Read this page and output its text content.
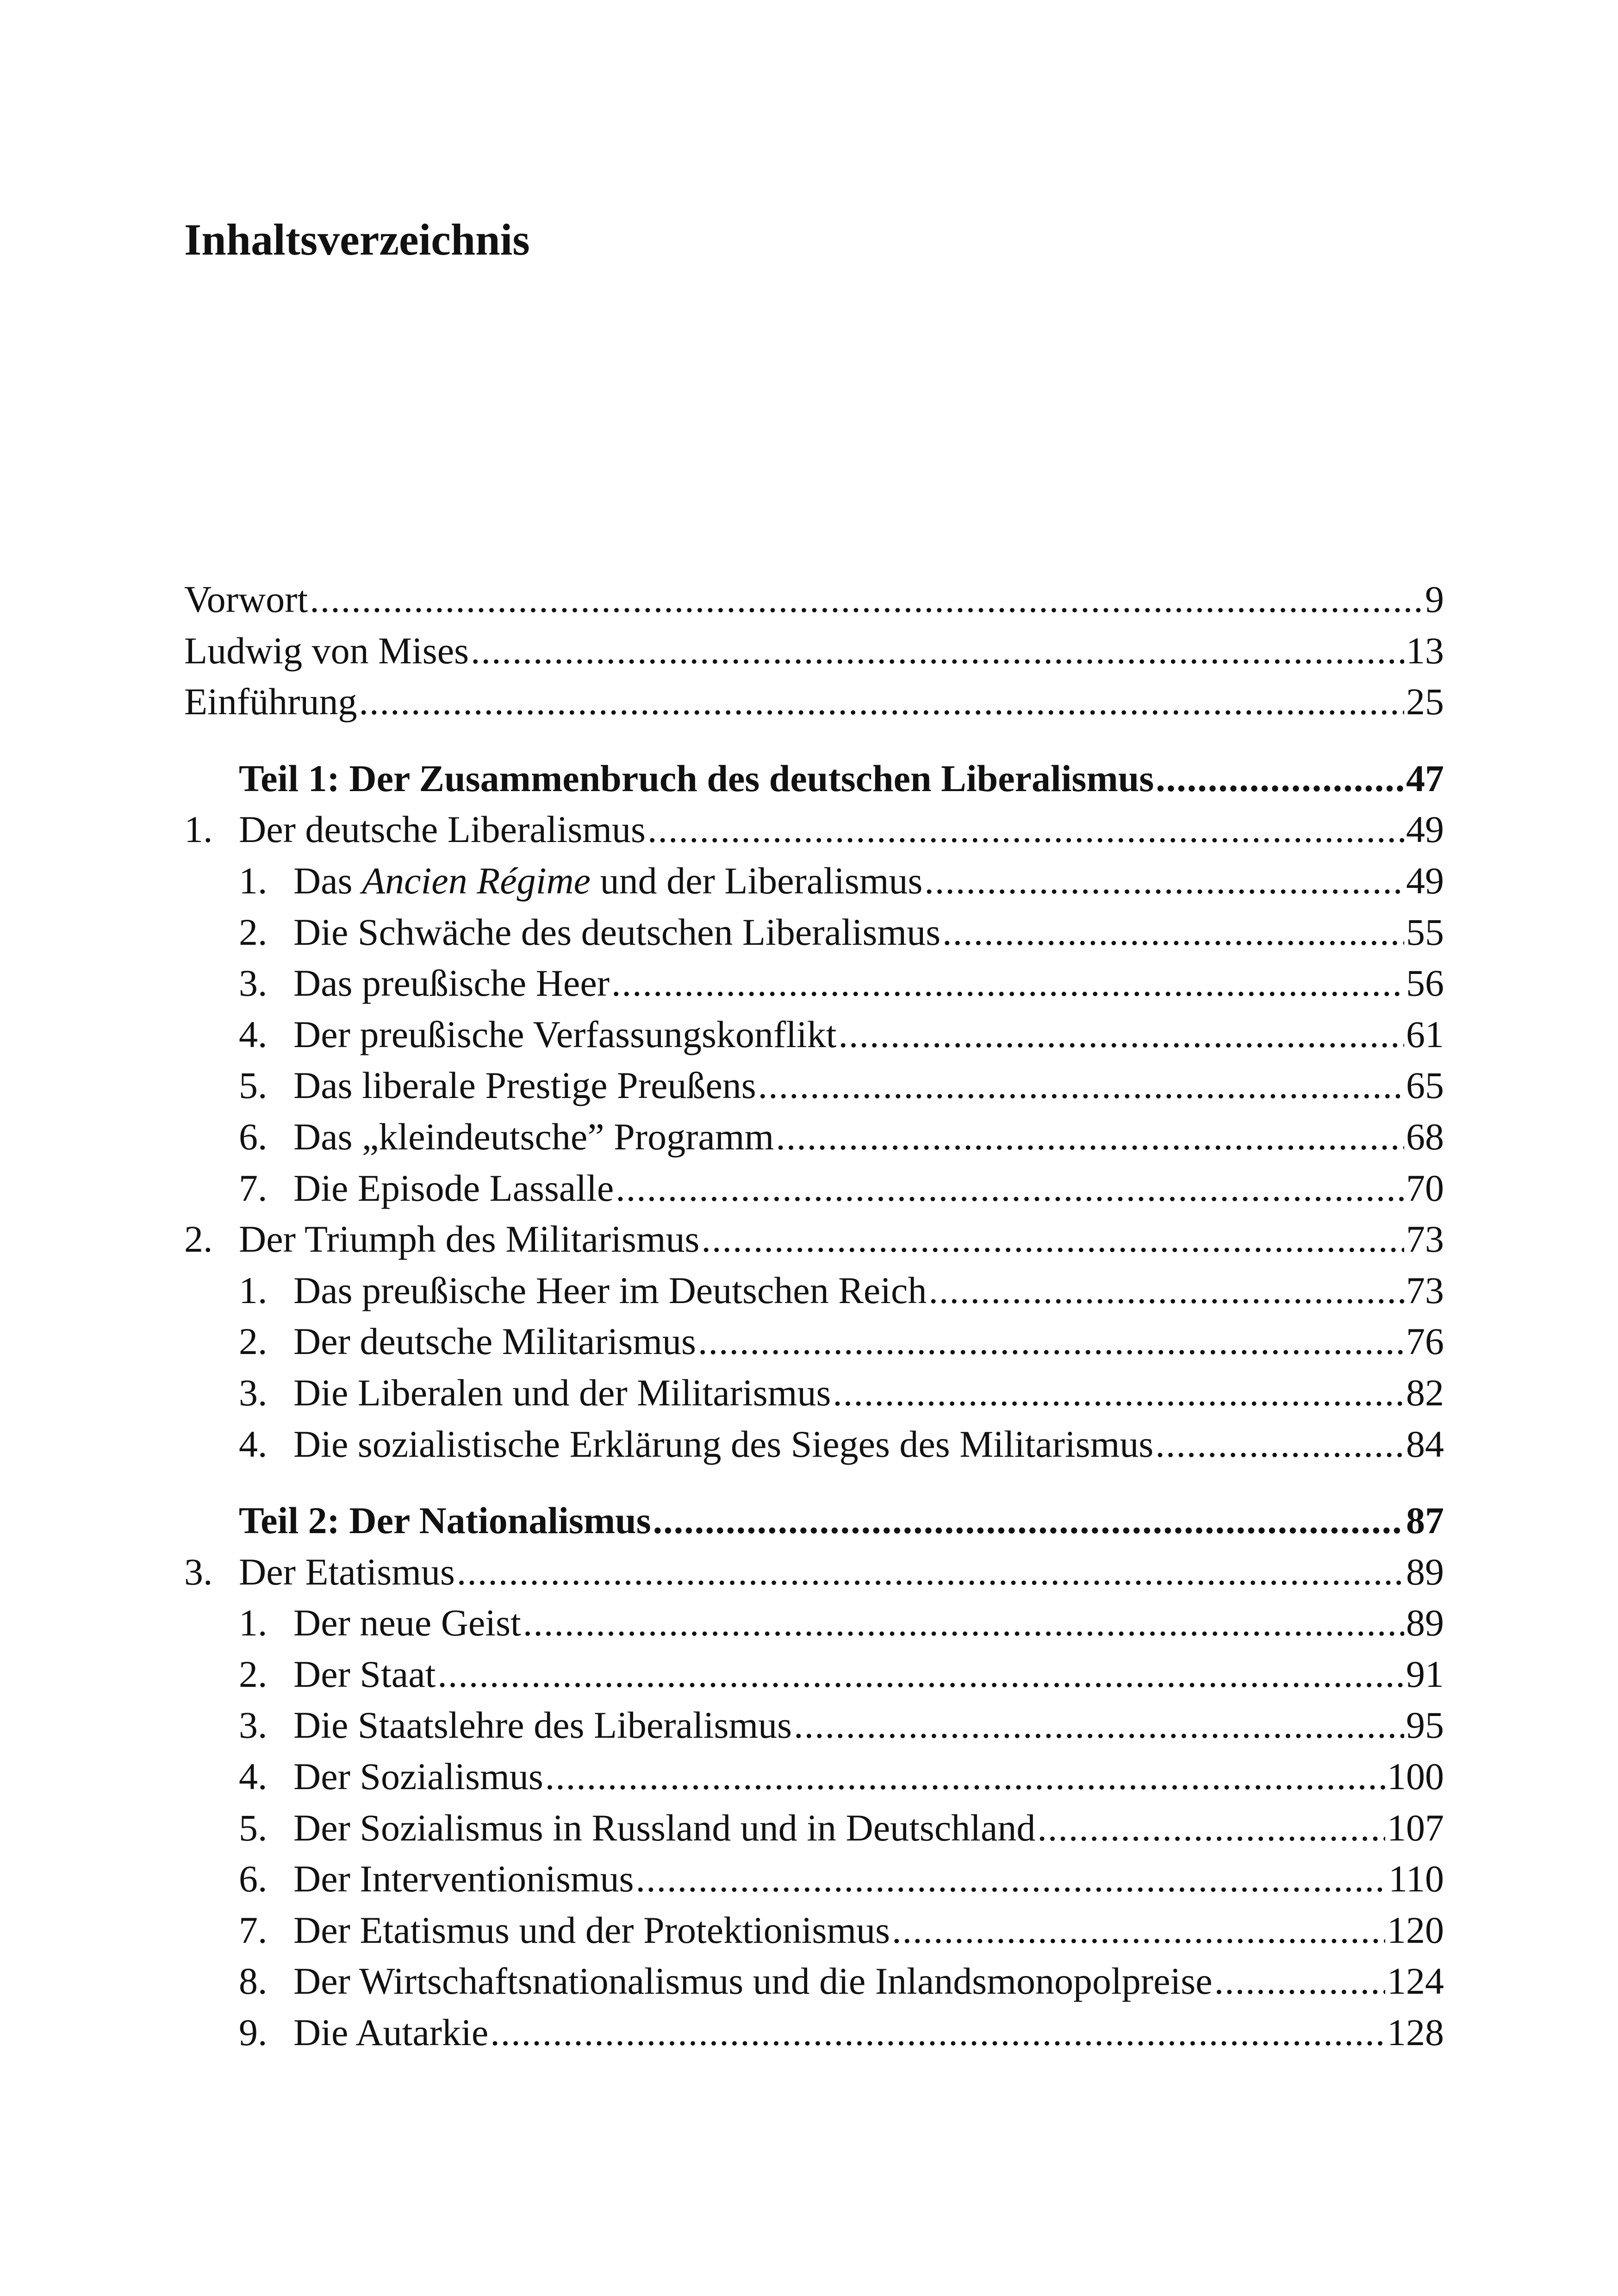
Inhaltsverzeichnis
Vorwort .....	9
Ludwig von Mises .....	13
Einführung .....	25
Teil 1: Der Zusammenbruch des deutschen Liberalismus .....	47
1. Der deutsche Liberalismus .....	49
1. Das Ancien Régime und der Liberalismus .....	49
2. Die Schwäche des deutschen Liberalismus .....	55
3. Das preußische Heer .....	56
4. Der preußische Verfassungskonflikt .....	61
5. Das liberale Prestige Preußens .....	65
6. Das „kleindeutsche” Programm .....	68
7. Die Episode Lassalle .....	70
2. Der Triumph des Militarismus .....	73
1. Das preußische Heer im Deutschen Reich .....	73
2. Der deutsche Militarismus .....	76
3. Die Liberalen und der Militarismus .....	82
4. Die sozialistische Erklärung des Sieges des Militarismus .....	84
Teil 2: Der Nationalismus .....	87
3. Der Etatismus .....	89
1. Der neue Geist .....	89
2. Der Staat .....	91
3. Die Staatslehre des Liberalismus .....	95
4. Der Sozialismus .....	100
5. Der Sozialismus in Russland und in Deutschland .....	107
6. Der Interventionismus .....	110
7. Der Etatismus und der Protektionismus .....	120
8. Der Wirtschaftsnationalismus und die Inlandsmonopolpreise .....	124
9. Die Autarkie .....	128
